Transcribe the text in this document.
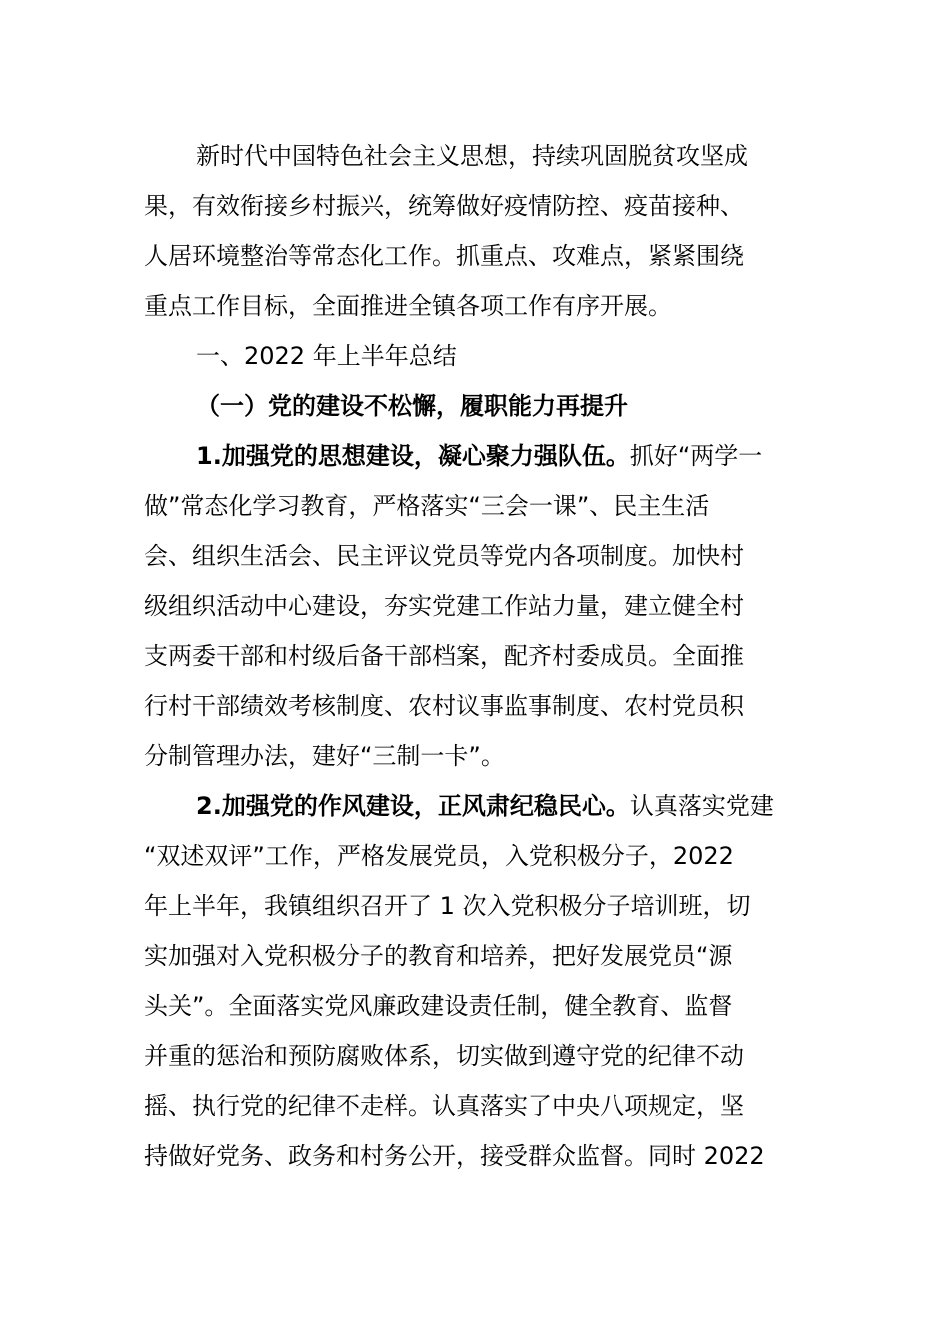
新时代中国特色社会主义思想，持续巩固脱贫攻坚成
果，有效衔接乡村振兴，统筹做好疫情防控、疫苗接种、
人居环境整治等常态化工作。抓重点、攻难点，紧紧围绕
重点工作目标，全面推进全镇各项工作有序开展。
一、2022 年上半年总结
（一）党的建设不松懈，履职能力再提升
1.加强党的思想建设，凝心聚力强队伍。抓好“两学一
做”常态化学习教育，严格落实“三会一课”、民主生活
会、组织生活会、民主评议党员等党内各项制度。加快村
级组织活动中心建设，夯实党建工作站力量，建立健全村
支两委干部和村级后备干部档案，配齐村委成员。全面推
行村干部绩效考核制度、农村议事监事制度、农村党员积
分制管理办法，建好“三制一卡”。
2.加强党的作风建设，正风肃纪稳民心。认真落实党建
“双述双评”工作，严格发展党员，入党积极分子，2022
年上半年，我镇组织召开了 1 次入党积极分子培训班，切
实加强对入党积极分子的教育和培养，把好发展党员“源
头关”。全面落实党风廉政建设责任制，健全教育、监督
并重的惩治和预防腐败体系，切实做到遵守党的纪律不动
摇、执行党的纪律不走样。认真落实了中央八项规定，坚
持做好党务、政务和村务公开，接受群众监督。同时 2022
